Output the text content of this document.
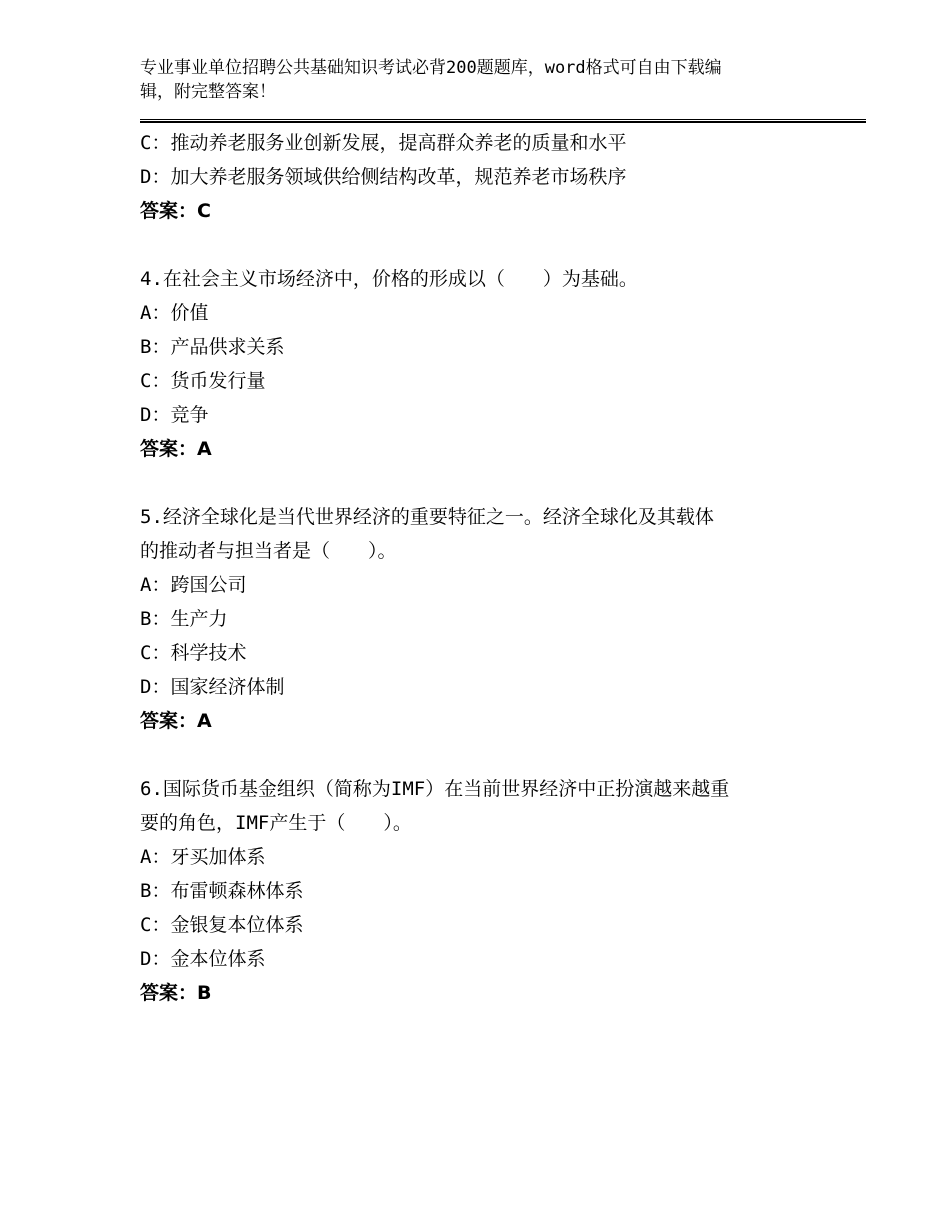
专业事业单位招聘公共基础知识考试必背200题题库，word格式可自由下载编
辑，附完整答案！
C：推动养老服务业创新发展，提高群众养老的质量和水平
D：加大养老服务领域供给侧结构改革，规范养老市场秩序
答案：C
4.在社会主义市场经济中，价格的形成以（　　）为基础。
A：价值
B：产品供求关系
C：货币发行量
D：竞争
答案：A
5.经济全球化是当代世界经济的重要特征之一。经济全球化及其载体
的推动者与担当者是（　　）。
A：跨国公司
B：生产力
C：科学技术
D：国家经济体制
答案：A
6.国际货币基金组织（简称为IMF）在当前世界经济中正扮演越来越重
要的角色，IMF产生于（　　）。
A：牙买加体系
B：布雷顿森林体系
C：金银复本位体系
D：金本位体系
答案：B
